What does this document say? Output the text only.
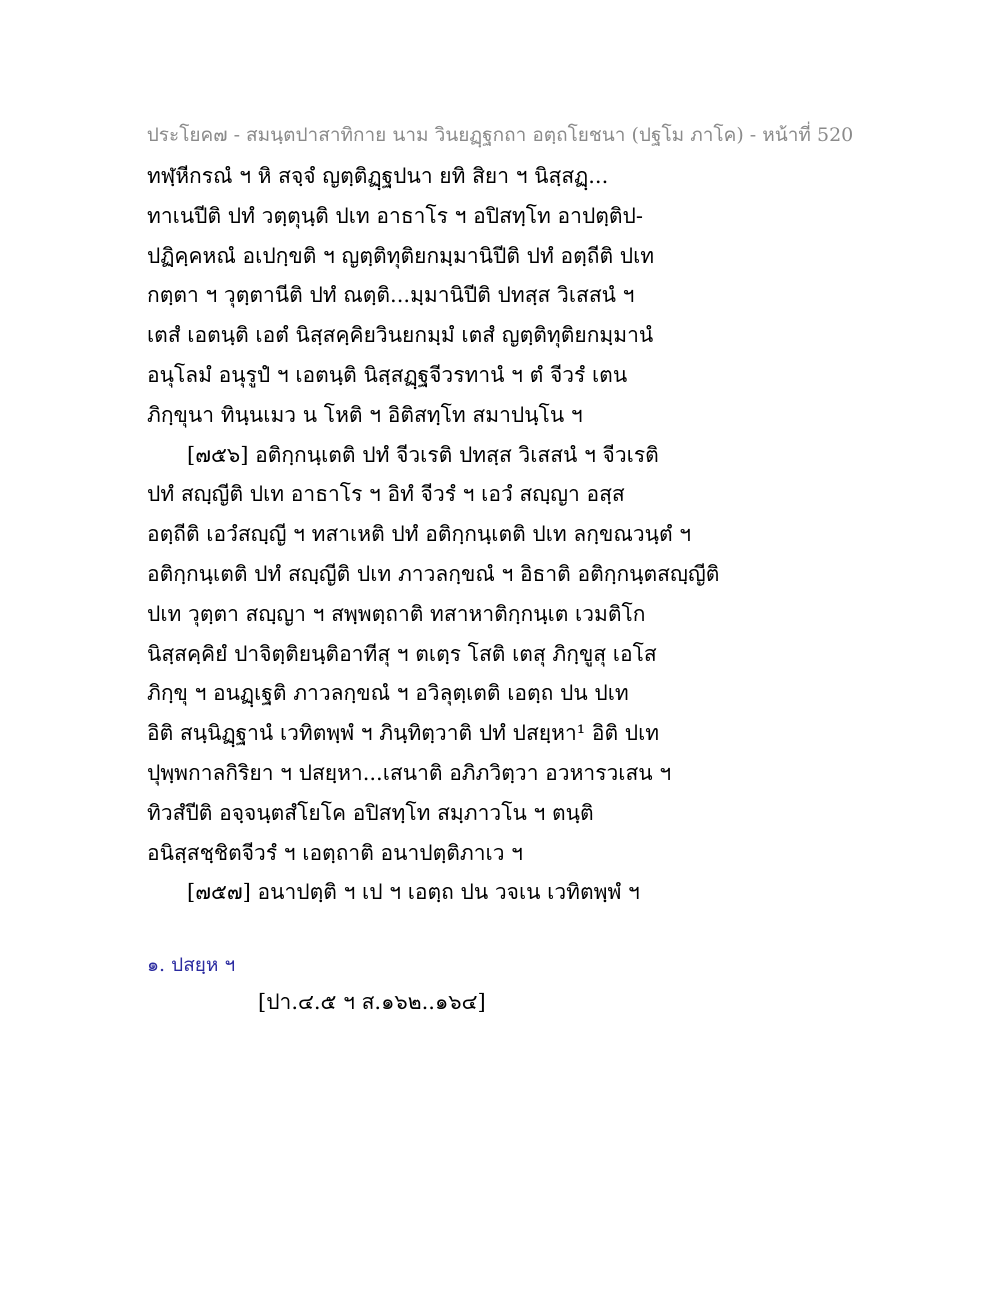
ประโยค๗ - สมนฺตปาสาทิกาย นาม วินยฏฺฐกถา อตฺถโยชนา (ปฐโม ภาโค) - หน้าที่ 520
ทฬฺหีกรณํ ฯ หิ สจฺจํ ญตฺติฏฺฐปนา ยทิ สิยา ฯ นิสฺสฏฺ...
ทาเนปีติ ปทํ วตฺตุนฺติ ปเท อาธาโร ฯ อปิสทฺโท อาปตฺติป-
ปฏิคฺคหณํ อเปกฺขติ ฯ ญตฺติทุติยกมฺมานิปีติ ปทํ อตฺถีติ ปเท
กตฺตา ฯ วุตฺตานีติ ปทํ ณตฺติ...มฺมานิปีติ ปทสฺส วิเสสนํ ฯ
เตสํ เอตนฺติ เอตํ นิสฺสคฺคิยวินยกมฺมํ เตสํ ญตฺติทุติยกมฺมานํ
อนุโลมํ อนุรูปํ ฯ เอตนฺติ นิสฺสฏฺฐจีวรทานํ ฯ ตํ จีวรํ เตน
ภิกฺขุนา ทินฺนเมว น โหติ ฯ อิติสทฺโท สมาปนฺโน ฯ
[๗๕๖] อติกฺกนฺเตติ ปทํ จีวเรติ ปทสฺส วิเสสนํ ฯ จีวเรติ
ปทํ สญฺญีติ ปเท อาธาโร ฯ อิทํ จีวรํ ฯ เอวํ สญฺญา อสฺส
อตฺถีติ เอวํสญฺญี ฯ ทสาเหติ ปทํ อติกฺกนฺเตติ ปเท ลกฺขณวนฺตํ ฯ
อติกฺกนฺเตติ ปทํ สญฺญีติ ปเท ภาวลกฺขณํ ฯ อิธาติ อติกฺกนฺตสญฺญีติ
ปเท วุตฺตา สญฺญา ฯ สพฺพตฺถาติ ทสาหาติกฺกนฺเต เวมติโก
นิสฺสคฺคิยํ ปาจิตฺติยนฺติอาทีสุ ฯ ตเตฺร โสติ เตสุ ภิกฺขูสุ เอโส
ภิกฺขุ ฯ อนฏฺเฐติ ภาวลกฺขณํ ฯ อวิลุตฺเตติ เอตฺถ ปน ปเท
อิติ สนฺนิฏฺฐานํ เวทิตพฺพํ ฯ ภินฺทิตฺวาติ ปทํ ปสยฺหา¹ อิติ ปเท
ปุพฺพกาลกิริยา ฯ ปสยฺหา...เสนาติ อภิภวิตฺวา อวหารวเสน ฯ
ทิวสํปีติ อจฺจนฺตสํโยโค อปิสทฺโท สมฺภาวโน ฯ ตนฺติ
อนิสฺสชฺชิตจีวรํ ฯ เอตฺถาติ อนาปตฺติภาเว ฯ
[๗๕๗] อนาปตฺติ ฯ เป ฯ เอตฺถ ปน วจเน เวทิตพฺพํ ฯ
๑. ปสยฺห ฯ
[ปา.๔.๕ ฯ ส.๑๖๒..๑๖๔]
